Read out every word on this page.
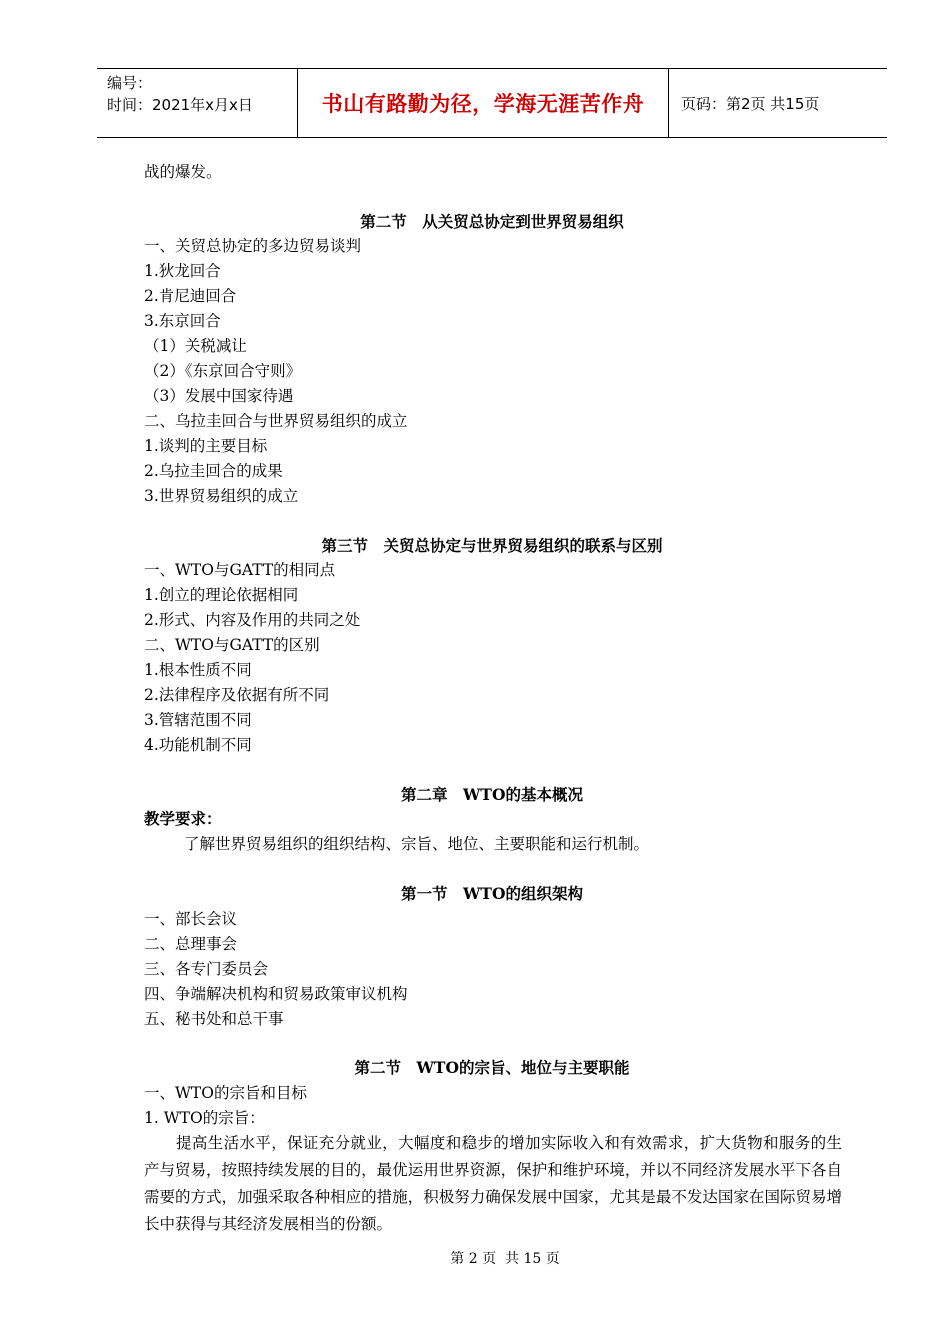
编号：
时间：2021年x月x日	书山有路勤为径，学海无涯苦作舟	页码：第2页 共15页
战的爆发。
第二节　从关贸总协定到世界贸易组织
一、关贸总协定的多边贸易谈判
1.狄龙回合
2.肯尼迪回合
3.东京回合
（1）关税减让
（2）《东京回合守则》
（3）发展中国家待遇
二、乌拉圭回合与世界贸易组织的成立
1.谈判的主要目标
2.乌拉圭回合的成果
3.世界贸易组织的成立
第三节　关贸总协定与世界贸易组织的联系与区别
一、WTO与GATT的相同点
1.创立的理论依据相同
2.形式、内容及作用的共同之处
二、WTO与GATT的区别
1.根本性质不同
2.法律程序及依据有所不同
3.管辖范围不同
4.功能机制不同
第二章　WTO的基本概况
教学要求：
了解世界贸易组织的组织结构、宗旨、地位、主要职能和运行机制。
第一节　WTO的组织架构
一、部长会议
二、总理事会
三、各专门委员会
四、争端解决机构和贸易政策审议机构
五、秘书处和总干事
第二节　WTO的宗旨、地位与主要职能
一、WTO的宗旨和目标
1. WTO的宗旨：
提高生活水平，保证充分就业，大幅度和稳步的增加实际收入和有效需求，扩大货物和服务的生产与贸易，按照持续发展的目的，最优运用世界资源，保护和维护环境，并以不同经济发展水平下各自需要的方式，加强采取各种相应的措施，积极努力确保发展中国家，尤其是最不发达国家在国际贸易增长中获得与其经济发展相当的份额。
第 2 页  共 15 页
